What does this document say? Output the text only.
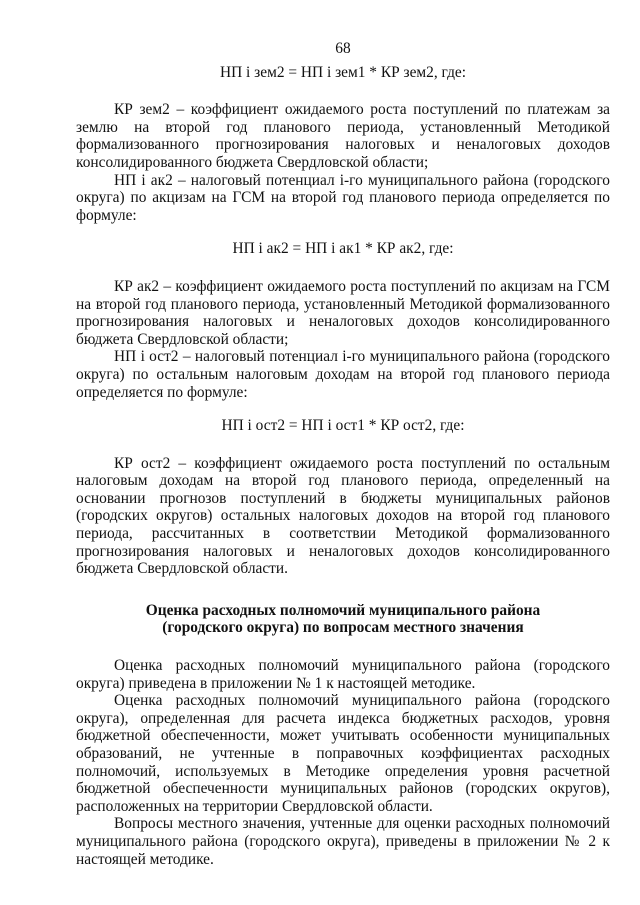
68

НП i зем2 = НП i зем1 * КР зем2, где:

КР зем2 – коэффициент ожидаемого роста поступлений по платежам за землю на второй год планового периода, установленный Методикой формализованного прогнозирования налоговых и неналоговых доходов консолидированного бюджета Свердловской области;

НП i ак2 – налоговый потенциал i-го муниципального района (городского округа) по акцизам на ГСМ на второй год планового периода определяется по формуле:

НП i ак2 = НП i ак1 * КР ак2, где:

КР ак2 – коэффициент ожидаемого роста поступлений по акцизам на ГСМ на второй год планового периода, установленный Методикой формализованного прогнозирования налоговых и неналоговых доходов консолидированного бюджета Свердловской области;

НП i ост2 – налоговый потенциал i-го муниципального района (городского округа) по остальным налоговым доходам на второй год планового периода определяется по формуле:

НП i ост2 = НП i ост1 * КР ост2, где:

КР ост2 – коэффициент ожидаемого роста поступлений по остальным налоговым доходам на второй год планового периода, определенный на основании прогнозов поступлений в бюджеты муниципальных районов (городских округов) остальных налоговых доходов на второй год планового периода, рассчитанных в соответствии Методикой формализованного прогнозирования налоговых и неналоговых доходов консолидированного бюджета Свердловской области.

Оценка расходных полномочий муниципального района

(городского округа) по вопросам местного значения

Оценка расходных полномочий муниципального района (городского округа) приведена в приложении № 1 к настоящей методике.

Оценка расходных полномочий муниципального района (городского округа), определенная для расчета индекса бюджетных расходов, уровня бюджетной обеспеченности, может учитывать особенности муниципальных образований, не учтенные в поправочных коэффициентах расходных полномочий, используемых в Методике определения уровня расчетной бюджетной обеспеченности муниципальных районов (городских округов), расположенных на территории Свердловской области.

Вопросы местного значения, учтенные для оценки расходных полномочий муниципального района (городского округа), приведены в приложении № 2 к настоящей методике.
